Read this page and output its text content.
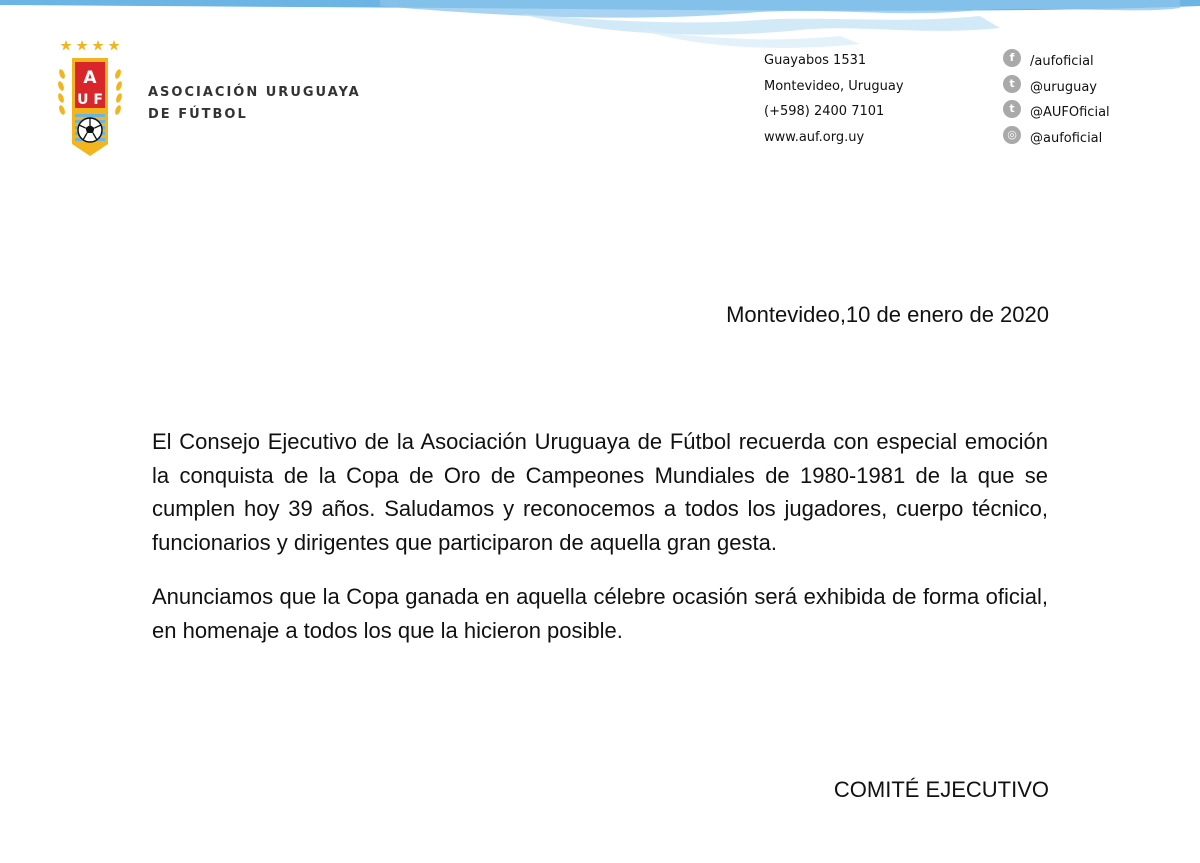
A
U F	ASOCIACIÓN URUGUAYA
DE FÚTBOL
Guayabos 1531
Montevideo, Uruguay
(+598) 2400 7101
www.auf.org.uy
f	/aufoficial
t	@uruguay
t	@AUFOficial
◎	@aufoficial
Montevideo,10 de enero de 2020

El Consejo Ejecutivo de la Asociación Uruguaya de Fútbol recuerda con especial emoción la conquista de la Copa de Oro de Campeones Mundiales de 1980-1981 de la que se cumplen hoy 39 años. Saludamos y reconocemos a todos los jugadores, cuerpo técnico, funcionarios y dirigentes que participaron de aquella gran gesta.

Anunciamos que la Copa ganada en aquella célebre ocasión será exhibida de forma oficial, en homenaje a todos los que la hicieron posible.

COMITÉ EJECUTIVO
